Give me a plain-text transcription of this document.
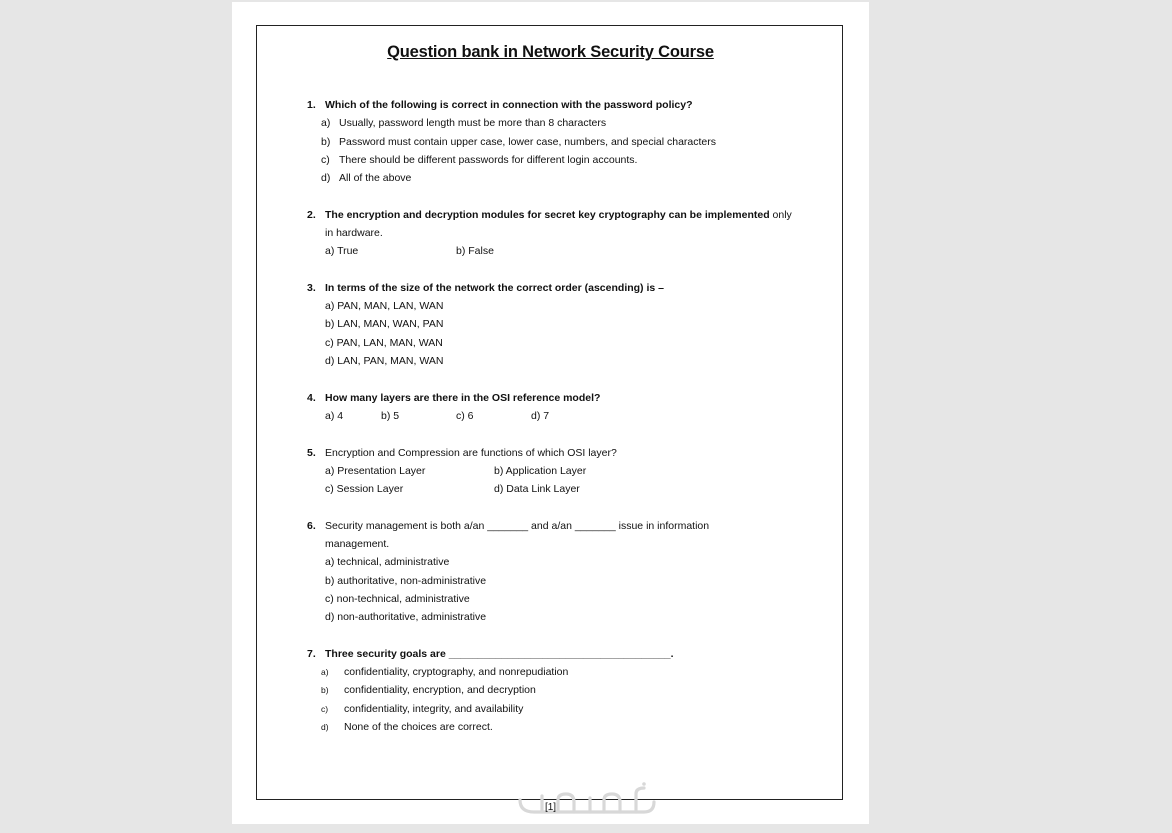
Question bank in Network Security Course
1. Which of the following is correct in connection with the password policy?
a) Usually, password length must be more than 8 characters
b) Password must contain upper case, lower case, numbers, and special characters
c) There should be different passwords for different login accounts.
d) All of the above
2. The encryption and decryption modules for secret key cryptography can be implemented only
in hardware.
a) True	b) False
3. In terms of the size of the network the correct order (ascending) is –
a) PAN, MAN, LAN, WAN
b) LAN, MAN, WAN, PAN
c) PAN, LAN, MAN, WAN
d) LAN, PAN, MAN, WAN
4. How many layers are there in the OSI reference model?
a) 4	b) 5	c) 6	d) 7
5. Encryption and Compression are functions of which OSI layer?
a) Presentation Layer	b) Application Layer
c) Session Layer	d) Data Link Layer
6. Security management is both a/an _______ and a/an _______ issue in information
management.
a) technical, administrative
b) authoritative, non-administrative
c) non-technical, administrative
d) non-authoritative, administrative
7. Three security goals are ______________________________________.
a) confidentiality, cryptography, and nonrepudiation
b) confidentiality, encryption, and decryption
c) confidentiality, integrity, and availability
d) None of the choices are correct.
[1]
